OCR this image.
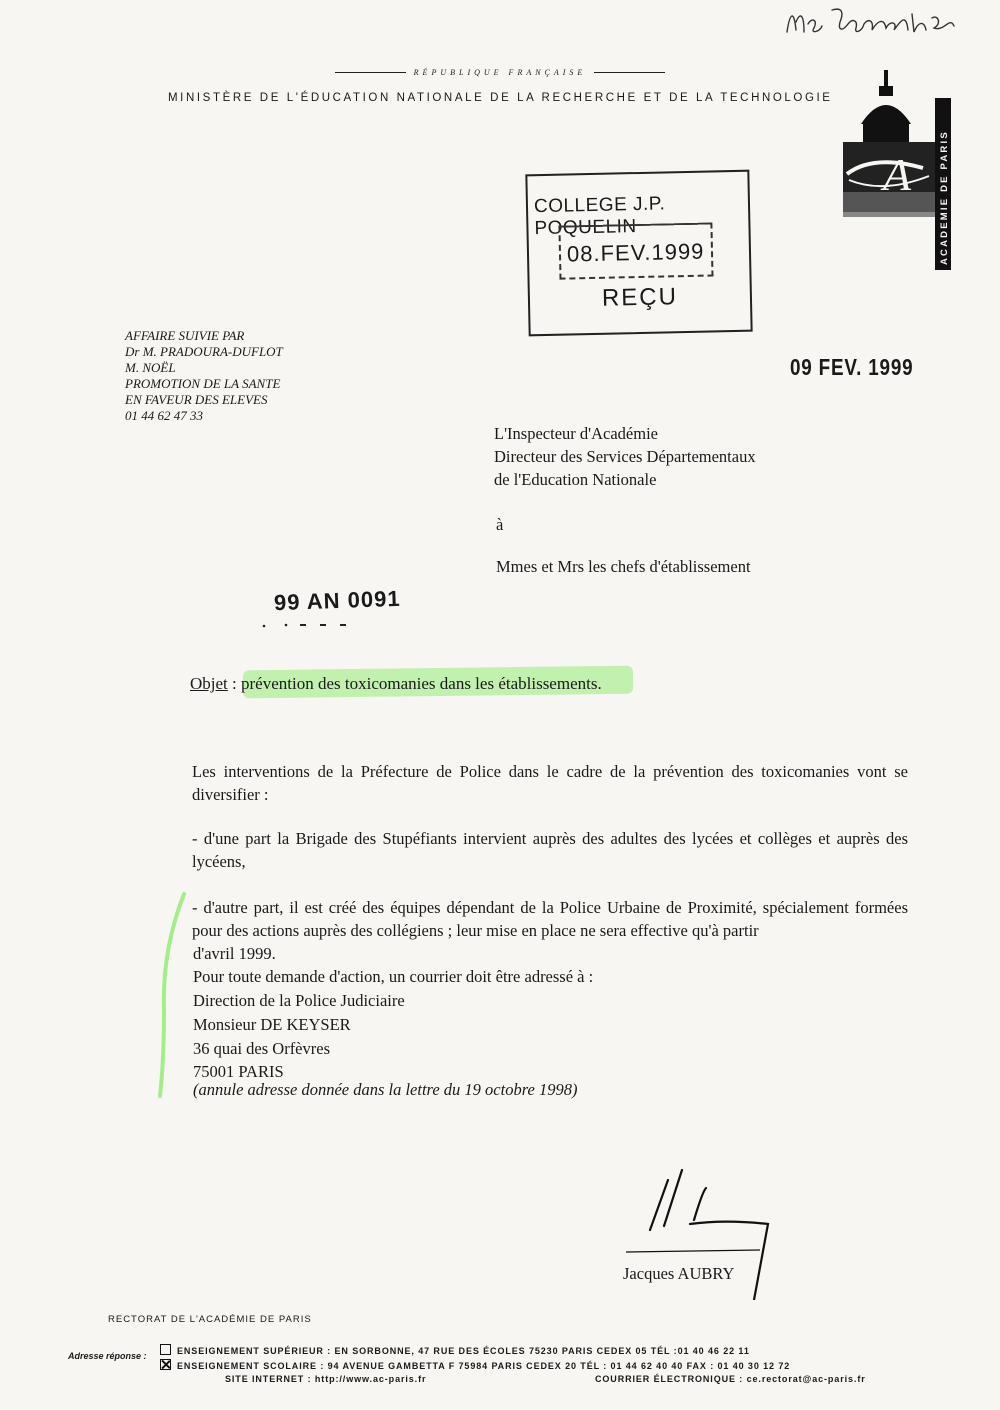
RÉPUBLIQUE FRANÇAISE
MINISTÈRE DE L'ÉDUCATION NATIONALE DE LA RECHERCHE ET DE LA TECHNOLOGIE
A	ACADEMIE DE PARIS
COLLEGE J.P. POQUELIN
08.FEV.1999
REÇU
AFFAIRE SUIVIE PAR
Dr M. PRADOURA-DUFLOT
M. NOËL
PROMOTION DE LA SANTE
EN FAVEUR DES ELEVES
01 44 62 47 33
09 FEV. 1999
L'Inspecteur d'Académie
Directeur des Services Départementaux
de l'Education Nationale
à
Mmes et Mrs les chefs d'établissement
99 AN 0091
Objet : prévention des toxicomanies dans les établissements.
Les interventions de la Préfecture de Police dans le cadre de la prévention des toxicomanies vont se diversifier :
- d'une part la Brigade des Stupéfiants intervient auprès des adultes des lycées et collèges et auprès des lycéens,
- d'autre part, il est créé des équipes dépendant de la Police Urbaine de Proximité, spécialement formées pour des actions auprès des collégiens ; leur mise en place ne sera effective qu'à partir
d'avril 1999.
Pour toute demande d'action, un courrier doit être adressé à :
Direction de la Police Judiciaire
Monsieur DE KEYSER
36 quai des Orfèvres
75001 PARIS
(annule adresse donnée dans la lettre du 19 octobre 1998)
Jacques AUBRY
RECTORAT DE L'ACADÉMIE DE PARIS
Adresse réponse :	ENSEIGNEMENT SUPÉRIEUR : EN SORBONNE, 47 RUE DES ÉCOLES 75230 PARIS CEDEX 05 TÉL :01 40 46 22 11
ENSEIGNEMENT SCOLAIRE : 94 AVENUE GAMBETTA F 75984 PARIS CEDEX 20 TÉL : 01 44 62 40 40 FAX : 01 40 30 12 72
SITE INTERNET : http://www.ac-paris.fr	COURRIER ÉLECTRONIQUE : ce.rectorat@ac-paris.fr
